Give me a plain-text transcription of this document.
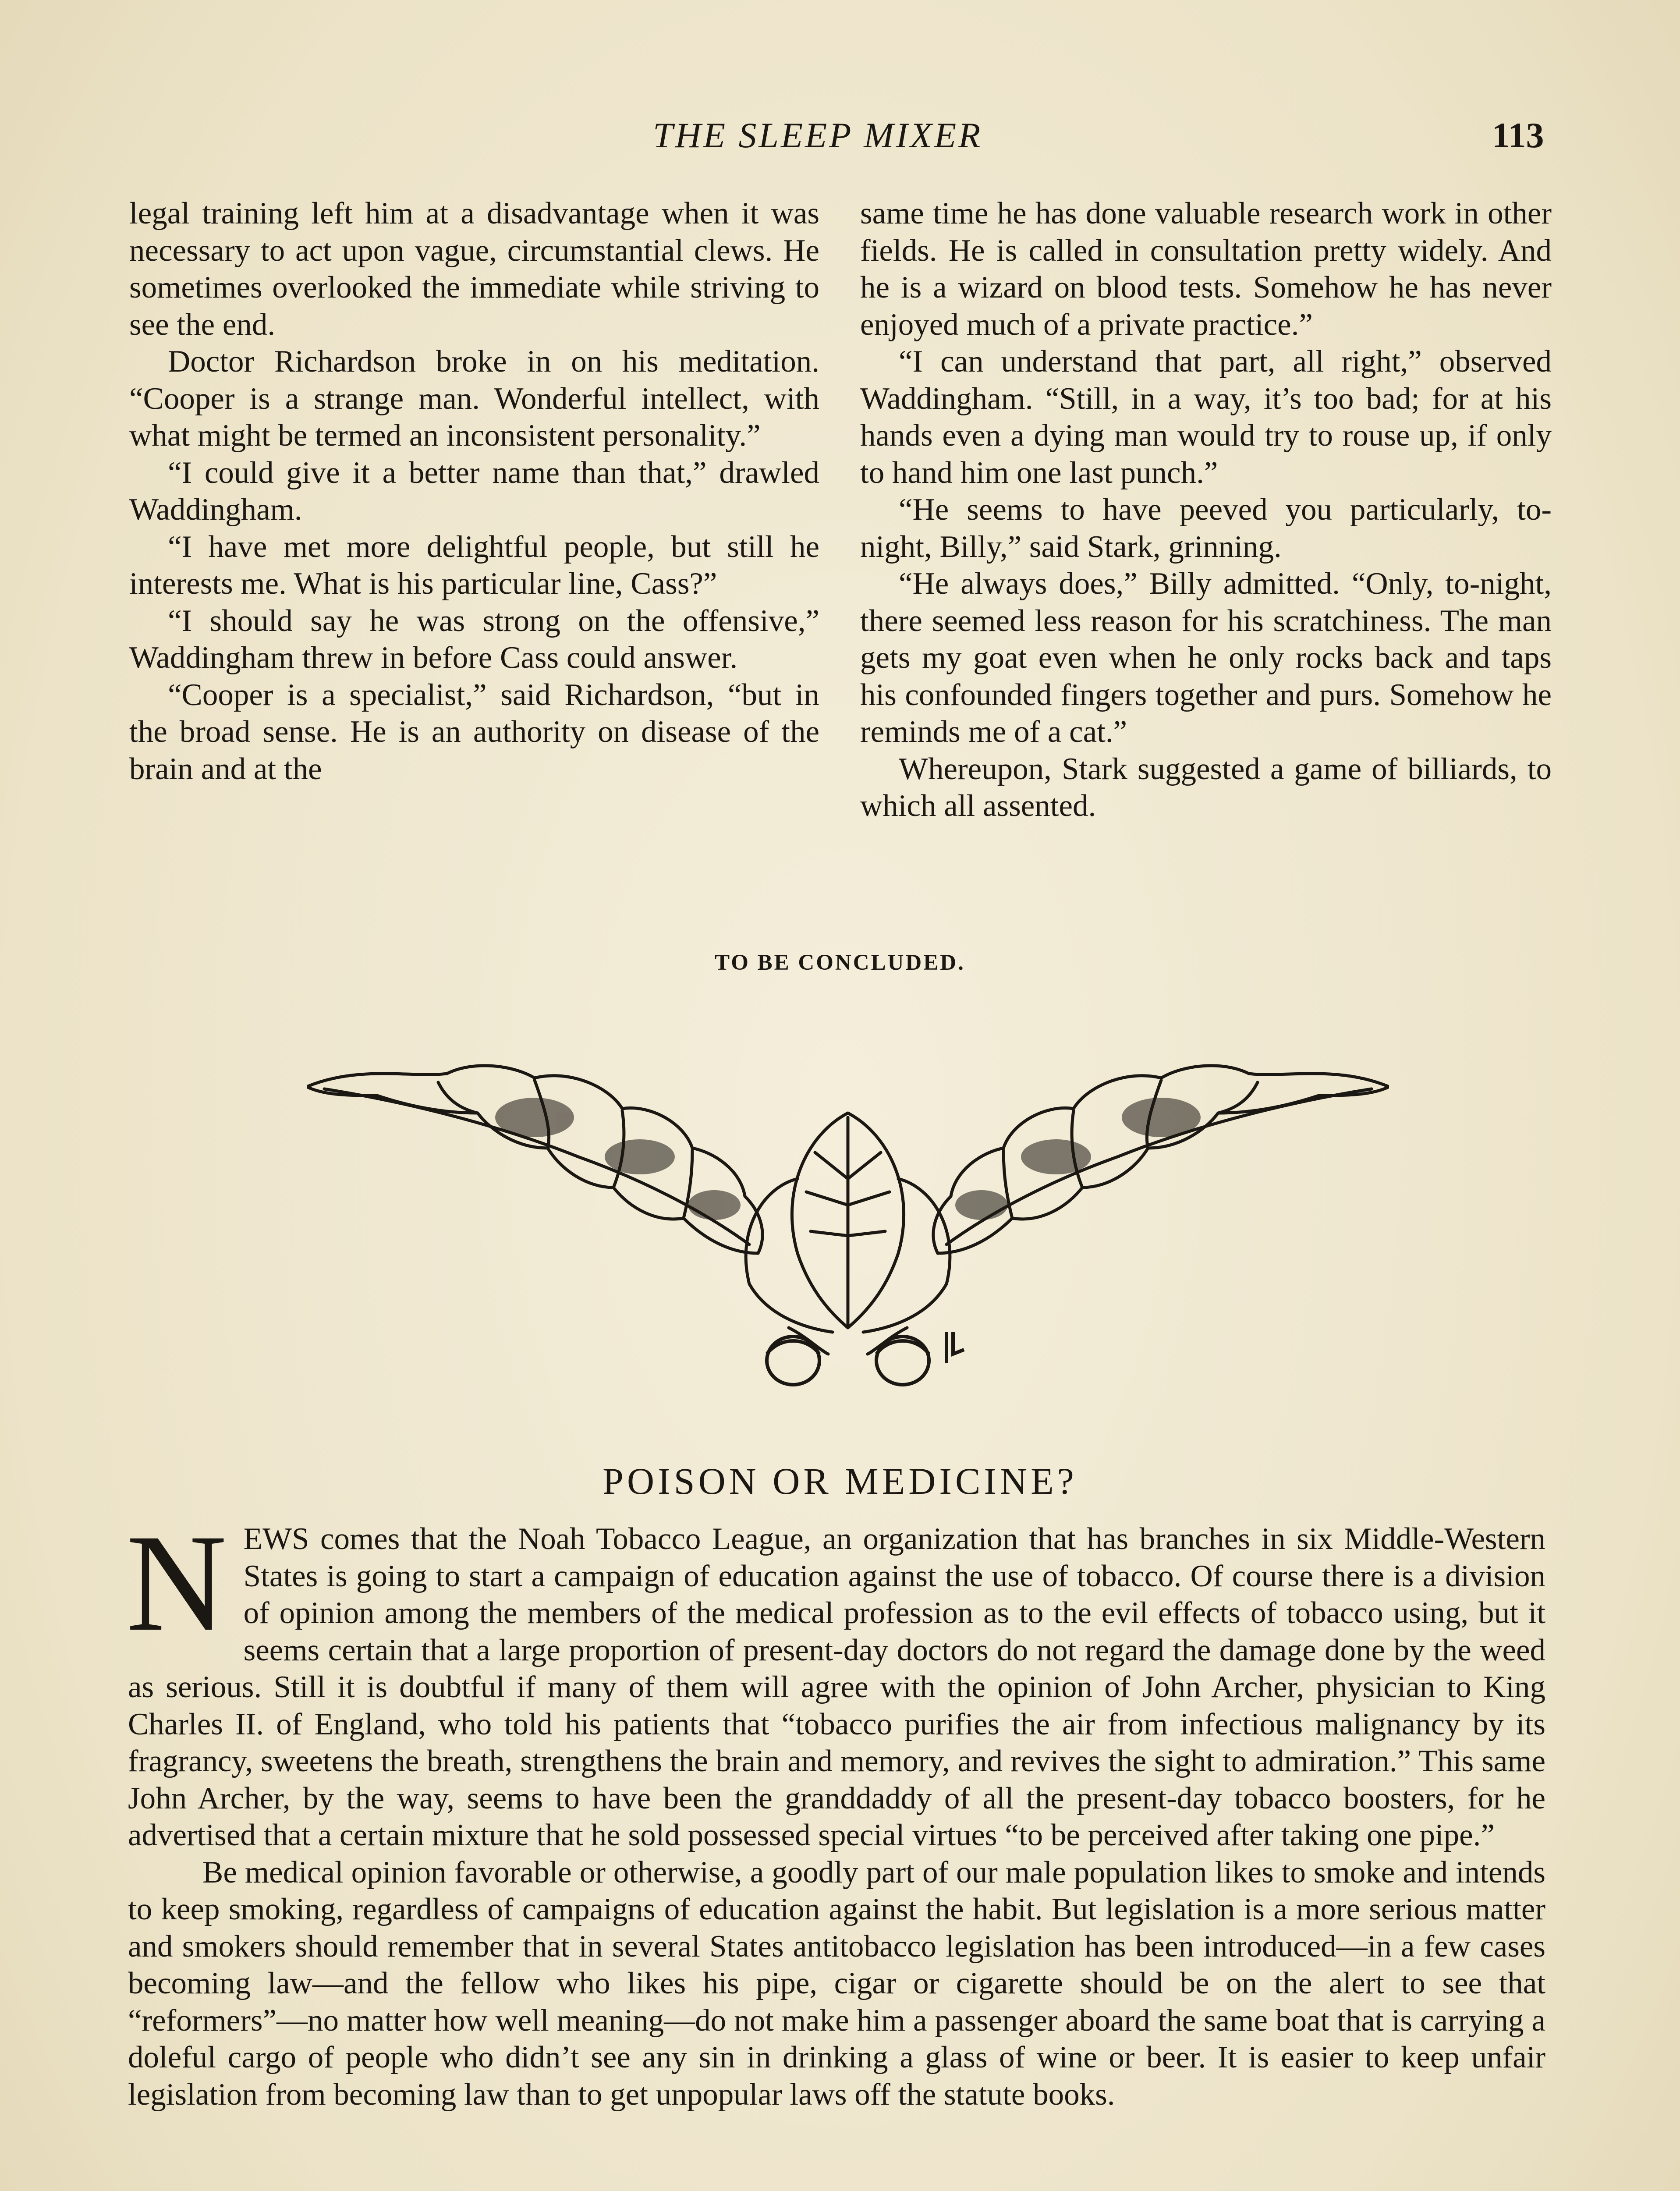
THE SLEEP MIXER	113

legal training left him at a disadvantage when it was necessary to act upon vague, circumstantial clews. He sometimes overlooked the immediate while striving to see the end.

Doctor Richardson broke in on his meditation. “Cooper is a strange man. Wonderful intellect, with what might be termed an inconsistent personality.”

“I could give it a better name than that,” drawled Waddingham.

“I have met more delightful people, but still he interests me. What is his particular line, Cass?”

“I should say he was strong on the offensive,” Waddingham threw in before Cass could answer.

“Cooper is a specialist,” said Richardson, “but in the broad sense. He is an authority on disease of the brain and at the

same time he has done valuable research work in other fields. He is called in consultation pretty widely. And he is a wizard on blood tests. Somehow he has never enjoyed much of a private practice.”

“I can understand that part, all right,” observed Waddingham. “Still, in a way, it’s too bad; for at his hands even a dying man would try to rouse up, if only to hand him one last punch.”

“He seems to have peeved you particularly, to-night, Billy,” said Stark, grinning.

“He always does,” Billy admitted. “Only, to-night, there seemed less reason for his scratchiness. The man gets my goat even when he only rocks back and taps his confounded fingers together and purs. Somehow he reminds me of a cat.”

Whereupon, Stark suggested a game of billiards, to which all assented.

TO BE CONCLUDED.
POISON OR MEDICINE?

NEWS comes that the Noah Tobacco League, an organization that has branches in six Middle-Western States is going to start a campaign of education against the use of tobacco. Of course there is a division of opinion among the members of the medical profession as to the evil effects of tobacco using, but it seems certain that a large proportion of present-day doctors do not regard the damage done by the weed as serious. Still it is doubtful if many of them will agree with the opinion of John Archer, physician to King Charles II. of England, who told his patients that “tobacco purifies the air from infectious malignancy by its fragrancy, sweetens the breath, strengthens the brain and memory, and revives the sight to admiration.” This same John Archer, by the way, seems to have been the granddaddy of all the present-day tobacco boosters, for he advertised that a certain mixture that he sold possessed special virtues “to be perceived after taking one pipe.”

Be medical opinion favorable or otherwise, a goodly part of our male population likes to smoke and intends to keep smoking, regardless of campaigns of education against the habit. But legislation is a more serious matter and smokers should remember that in several States antitobacco legislation has been introduced—in a few cases becoming law—and the fellow who likes his pipe, cigar or cigarette should be on the alert to see that “reformers”—no matter how well meaning—do not make him a passenger aboard the same boat that is carrying a doleful cargo of people who didn’t see any sin in drinking a glass of wine or beer. It is easier to keep unfair legislation from becoming law than to get unpopular laws off the statute books.
